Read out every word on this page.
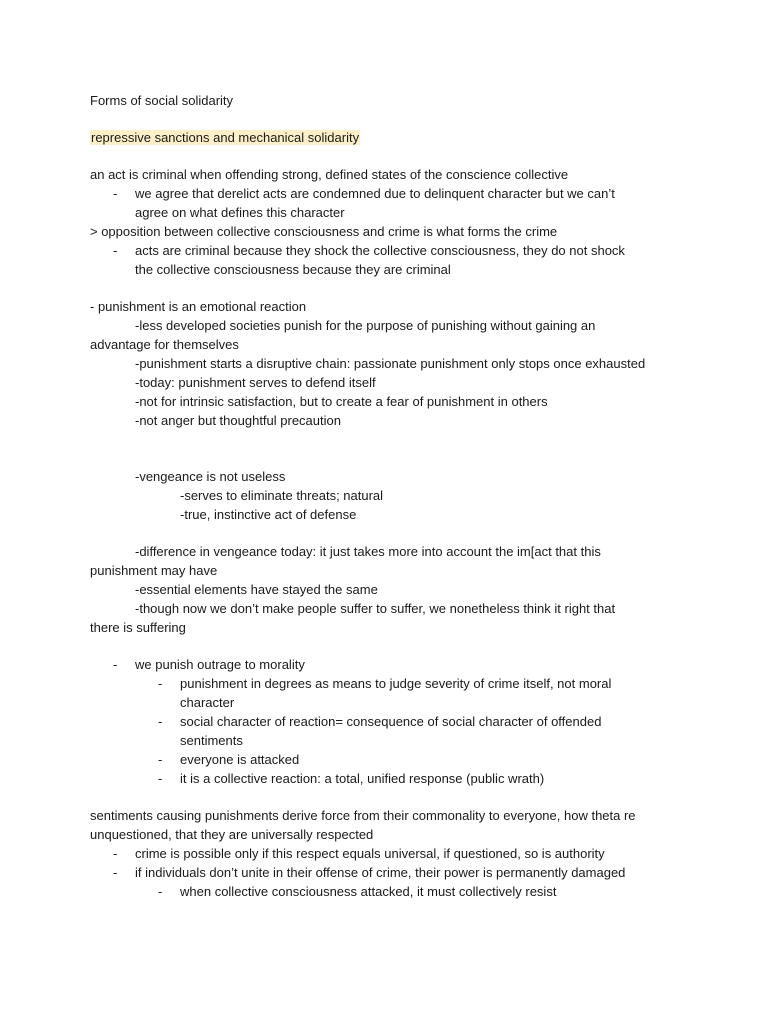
Forms of social solidarity
repressive sanctions and mechanical solidarity
an act is criminal when offending strong, defined states of the conscience collective
- we agree that derelict acts are condemned due to delinquent character but we can’t
agree on what defines this character
> opposition between collective consciousness and crime is what forms the crime
- acts are criminal because they shock the collective consciousness, they do not shock
the collective consciousness because they are criminal
- punishment is an emotional reaction
-less developed societies punish for the purpose of punishing without gaining an
advantage for themselves
-punishment starts a disruptive chain: passionate punishment only stops once exhausted
-today: punishment serves to defend itself
-not for intrinsic satisfaction, but to create a fear of punishment in others
-not anger but thoughtful precaution
-vengeance is not useless
-serves to eliminate threats; natural
-true, instinctive act of defense
-difference in vengeance today: it just takes more into account the im[act that this
punishment may have
-essential elements have stayed the same
-though now we don’t make people suffer to suffer, we nonetheless think it right that
there is suffering
- we punish outrage to morality
- punishment in degrees as means to judge severity of crime itself, not moral
character
- social character of reaction= consequence of social character of offended
sentiments
- everyone is attacked
- it is a collective reaction: a total, unified response (public wrath)
sentiments causing punishments derive force from their commonality to everyone, how theta re
unquestioned, that they are universally respected
- crime is possible only if this respect equals universal, if questioned, so is authority
- if individuals don’t unite in their offense of crime, their power is permanently damaged
- when collective consciousness attacked, it must collectively resist
